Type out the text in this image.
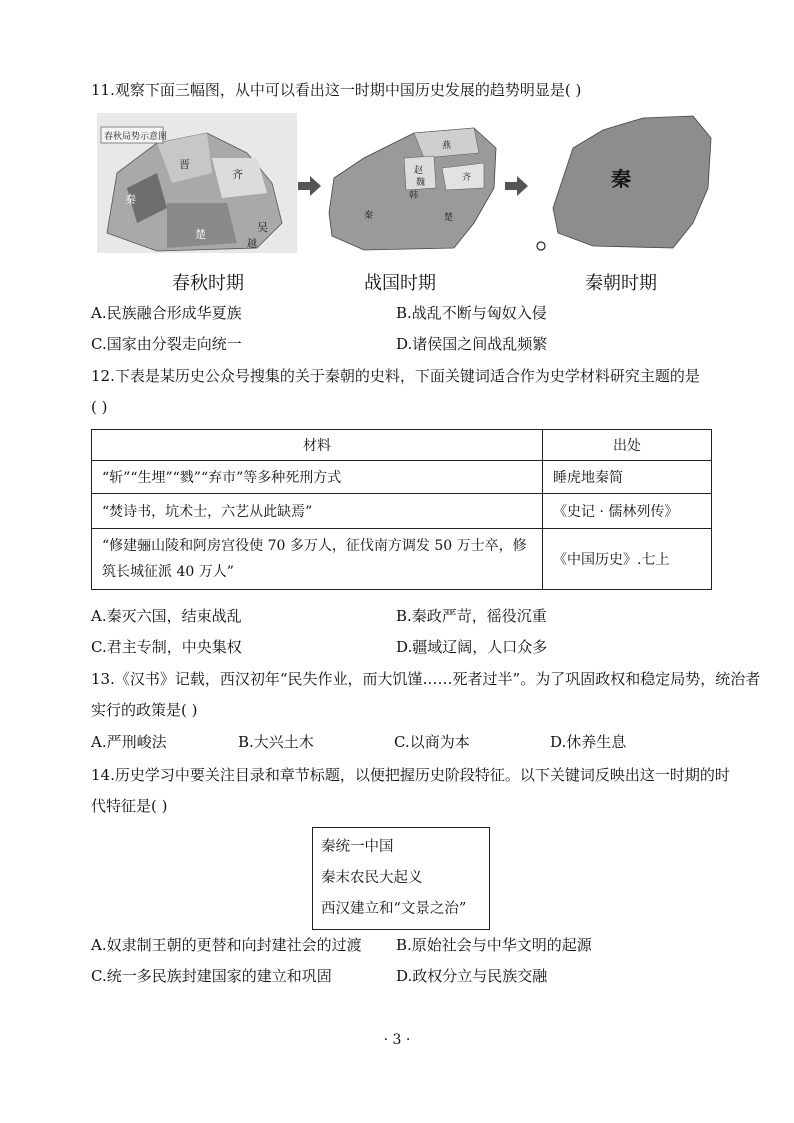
11.观察下面三幅图，从中可以看出这一时期中国历史发展的趋势明显是( )
春秋局势示意图
秦
晋
齐
楚
吴
越
燕
赵
魏
韩
齐
楚
秦
秦
春秋时期	战国时期	秦朝时期
A.民族融合形成华夏族	B.战乱不断与匈奴入侵
C.国家由分裂走向统一	D.诸侯国之间战乱频繁
12.下表是某历史公众号搜集的关于秦朝的史料，下面关键词适合作为史学材料研究主题的是
( )
材料	出处
“斩”“生埋”“戮”“弃市”等多种死刑方式	睡虎地秦简
“焚诗书，坑术士，六艺从此缺焉”	《史记 · 儒林列传》
“修建骊山陵和阿房宫役使 70 多万人，征伐南方调发 50 万士卒，修筑长城征派 40 万人”	《中国历史》.七上
A.秦灭六国，结束战乱	B.秦政严苛，徭役沉重
C.君主专制，中央集权	D.疆域辽阔，人口众多
13.《汉书》记载，西汉初年“民失作业，而大饥馑……死者过半”。为了巩固政权和稳定局势，统治者
实行的政策是( )
A.严刑峻法	B.大兴土木	C.以商为本	D.休养生息
14.历史学习中要关注目录和章节标题，以便把握历史阶段特征。以下关键词反映出这一时期的时
代特征是( )
秦统一中国
秦末农民大起义
西汉建立和“文景之治”
A.奴隶制王朝的更替和向封建社会的过渡 B.原始社会与中华文明的起源
C.统一多民族封建国家的建立和巩固	D.政权分立与民族交融
· 3 ·
